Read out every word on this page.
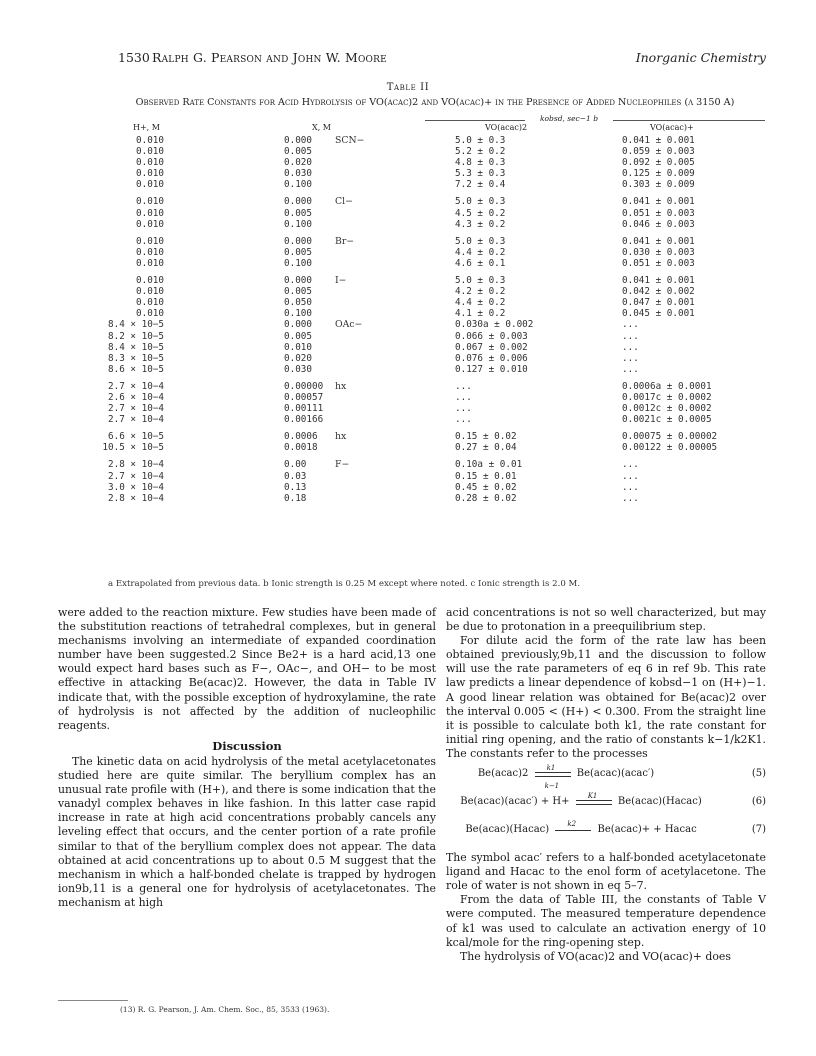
1530 Ralph G. Pearson and John W. Moore	Inorganic Chemistry
Table II
Observed Rate Constants for Acid Hydrolysis of VO(acac)2 and VO(acac)+ in the Presence of Added Nucleophiles (λ 3150 A)
kobsd, sec−1 b
H+, M	X, M	VO(acac)2	VO(acac)+
0.010	0.000 SCN−	5.0 ± 0.3	0.041 ± 0.001
0.010	0.005	5.2 ± 0.2	0.059 ± 0.003
0.010	0.020	4.8 ± 0.3	0.092 ± 0.005
0.010	0.030	5.3 ± 0.3	0.125 ± 0.009
0.010	0.100	7.2 ± 0.4	0.303 ± 0.009
0.010	0.000 Cl−	5.0 ± 0.3	0.041 ± 0.001
0.010	0.005	4.5 ± 0.2	0.051 ± 0.003
0.010	0.100	4.3 ± 0.2	0.046 ± 0.003
0.010	0.000 Br−	5.0 ± 0.3	0.041 ± 0.001
0.010	0.005	4.4 ± 0.2	0.030 ± 0.003
0.010	0.100	4.6 ± 0.1	0.051 ± 0.003
0.010	0.000 I−	5.0 ± 0.3	0.041 ± 0.001
0.010	0.005	4.2 ± 0.2	0.042 ± 0.002
0.010	0.050	4.4 ± 0.2	0.047 ± 0.001
0.010	0.100	4.1 ± 0.2	0.045 ± 0.001
8.4 × 10−5	0.000 OAc−	0.030a ± 0.002	...
8.2 × 10−5	0.005	0.066 ± 0.003	...
8.4 × 10−5	0.010	0.067 ± 0.002	...
8.3 × 10−5	0.020	0.076 ± 0.006	...
8.6 × 10−5	0.030	0.127 ± 0.010	...
2.7 × 10−4	0.00000 hx	...	0.0006a ± 0.0001
2.6 × 10−4	0.00057	...	0.0017c ± 0.0002
2.7 × 10−4	0.00111	...	0.0012c ± 0.0002
2.7 × 10−4	0.00166	...	0.0021c ± 0.0005
6.6 × 10−5	0.0006 hx	0.15 ± 0.02	0.00075 ± 0.00002
10.5 × 10−5	0.0018	0.27 ± 0.04	0.00122 ± 0.00005
2.8 × 10−4	0.00	F−	0.10a ± 0.01	...
2.7 × 10−4	0.03	0.15 ± 0.01	...
3.0 × 10−4	0.13	0.45 ± 0.02	...
2.8 × 10−4	0.18	0.28 ± 0.02	...
a Extrapolated from previous data. b Ionic strength is 0.25 M except where noted. c Ionic strength is 2.0 M.

were added to the reaction mixture. Few studies have been made of the substitution reactions of tetrahedral complexes, but in general mechanisms involving an intermediate of expanded coordination number have been suggested.2 Since Be2+ is a hard acid,13 one would expect hard bases such as F−, OAc−, and OH− to be most effective in attacking Be(acac)2. However, the data in Table IV indicate that, with the possible exception of hydroxylamine, the rate of hydrolysis is not affected by the addition of nucleophilic reagents.

Discussion

The kinetic data on acid hydrolysis of the metal acetylacetonates studied here are quite similar. The beryllium complex has an unusual rate profile with (H+), and there is some indication that the vanadyl complex behaves in like fashion. In this latter case rapid increase in rate at high acid concentrations probably cancels any leveling effect that occurs, and the center portion of a rate profile similar to that of the beryllium complex does not appear. The data obtained at acid concentrations up to about 0.5 M suggest that the mechanism in which a half-bonded chelate is trapped by hydrogen ion9b,11 is a general one for hydrolysis of acetylacetonates. The mechanism at high

(13) R. G. Pearson, J. Am. Chem. Soc., 85, 3533 (1963).

acid concentrations is not so well characterized, but may be due to protonation in a preequilibrium step.

For dilute acid the form of the rate law has been obtained previously,9b,11 and the discussion to follow will use the rate parameters of eq 6 in ref 9b. This rate law predicts a linear dependence of kobsd−1 on (H+)−1. A good linear relation was obtained for Be(acac)2 over the interval 0.005 < (H+) < 0.300. From the straight line it is possible to calculate both k1, the rate constant for initial ring opening, and the ratio of constants k−1/k2K1. The constants refer to the processes

Be(acac)2 $\frac{k1}{k-1}$ Be(acac)(acac′)	(5)
Be(acac)(acac′) + H+
K1
Be(acac)(Hacac)	(6)
Be(acac)(Hacac)
k2
Be(acac)+ + Hacac	(7)

The symbol acac′ refers to a half-bonded acetylacetonate ligand and Hacac to the enol form of acetylacetone. The role of water is not shown in eq 5–7.

From the data of Table III, the constants of Table V were computed. The measured temperature dependence of k1 was used to calculate an activation energy of 10 kcal/mole for the ring-opening step.

The hydrolysis of VO(acac)2 and VO(acac)+ does
